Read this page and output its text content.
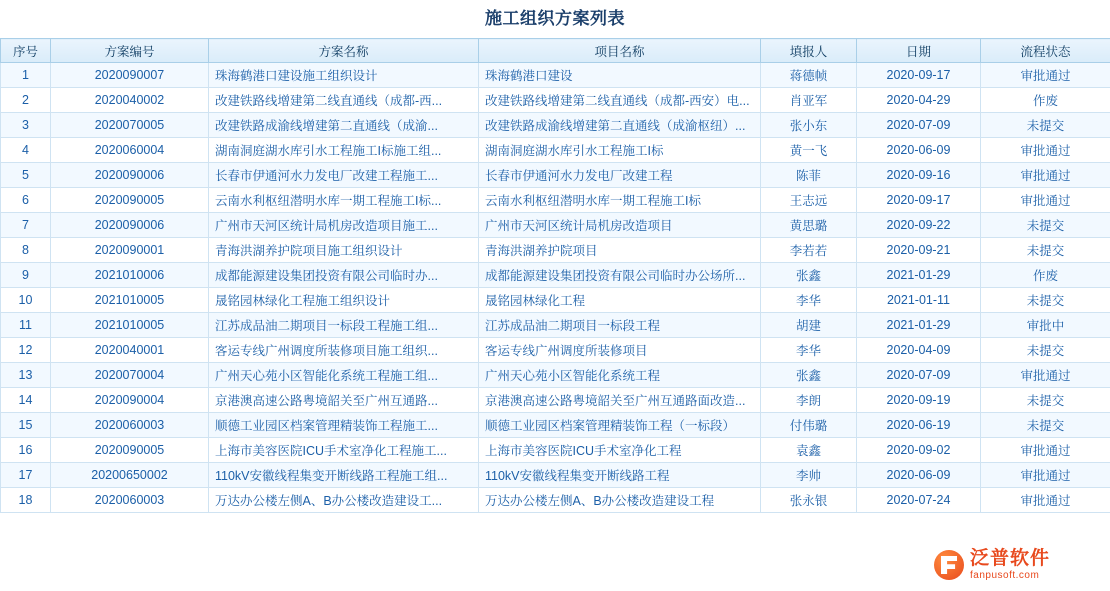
施工组织方案列表
序号	方案编号	方案名称	项目名称	填报人	日期	流程状态
1	2020090007	珠海鹤港口建设施工组织设计	珠海鹤港口建设	蒋德帧	2020-09-17	审批通过
2	2020040002	改建铁路线增建第二线直通线（成都-西...	改建铁路线增建第二线直通线（成都-西安）电...	肖亚军	2020-04-29	作废
3	2020070005	改建铁路成渝线增建第二直通线（成渝...	改建铁路成渝线增建第二直通线（成渝枢纽）...	张小东	2020-07-09	未提交
4	2020060004	湖南洞庭湖水库引水工程施工I标施工组...	湖南洞庭湖水库引水工程施工I标	黄一飞	2020-06-09	审批通过
5	2020090006	长春市伊通河水力发电厂改建工程施工...	长春市伊通河水力发电厂改建工程	陈菲	2020-09-16	审批通过
6	2020090005	云南水利枢纽潜明水库一期工程施工I标...	云南水利枢纽潜明水库一期工程施工I标	王志远	2020-09-17	审批通过
7	2020090006	广州市天河区统计局机房改造项目施工...	广州市天河区统计局机房改造项目	黄思璐	2020-09-22	未提交
8	2020090001	青海洪湖养护院项目施工组织设计	青海洪湖养护院项目	李若若	2020-09-21	未提交
9	2021010006	成都能源建设集团投资有限公司临时办...	成都能源建设集团投资有限公司临时办公场所...	张鑫	2021-01-29	作废
10	2021010005	晟铭园林绿化工程施工组织设计	晟铭园林绿化工程	李华	2021-01-11	未提交
11	2021010005	江苏成品油二期项目一标段工程施工组...	江苏成品油二期项目一标段工程	胡建	2021-01-29	审批中
12	2020040001	客运专线广州调度所装修项目施工组织...	客运专线广州调度所装修项目	李华	2020-04-09	未提交
13	2020070004	广州天心苑小区智能化系统工程施工组...	广州天心苑小区智能化系统工程	张鑫	2020-07-09	审批通过
14	2020090004	京港澳高速公路粤境韶关至广州互通路...	京港澳高速公路粤境韶关至广州互通路面改造...	李朗	2020-09-19	未提交
15	2020060003	顺德工业园区档案管理精装饰工程施工...	顺德工业园区档案管理精装饰工程（一标段）	付伟璐	2020-06-19	未提交
16	2020090005	上海市美容医院ICU手术室净化工程施工...	上海市美容医院ICU手术室净化工程	袁鑫	2020-09-02	审批通过
17	20200650002	110kV安徽线程集变开断线路工程施工组...	110kV安徽线程集变开断线路工程	李帅	2020-06-09	审批通过
18	2020060003	万达办公楼左侧A、B办公楼改造建设工...	万达办公楼左侧A、B办公楼改造建设工程	张永银	2020-07-24	审批通过
泛普软件
fanpusoft.com
